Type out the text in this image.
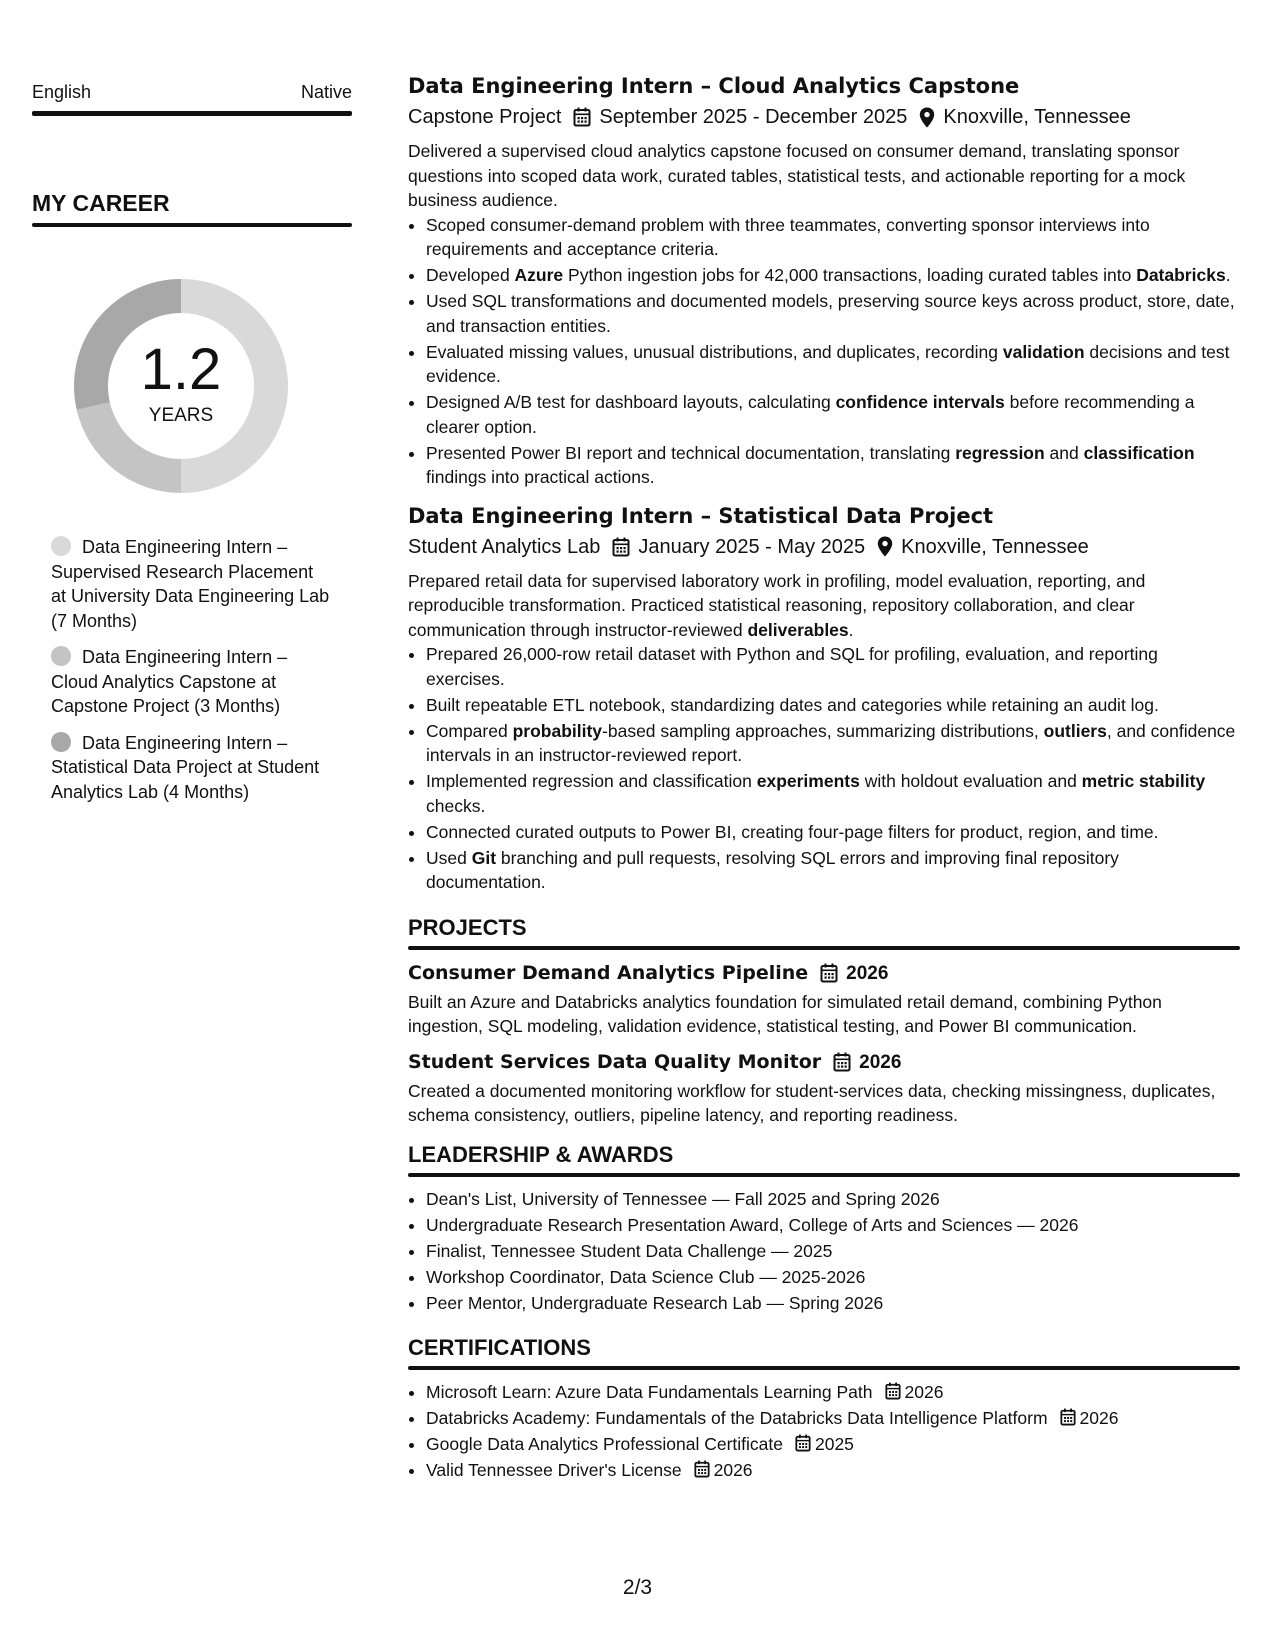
English	Native
MY CAREER
1.2
YEARS
Data Engineering Intern – Supervised Research Placement at University Data Engineering Lab (7 Months)
Data Engineering Intern – Cloud Analytics Capstone at Capstone Project (3 Months)
Data Engineering Intern – Statistical Data Project at Student Analytics Lab (4 Months)
Data Engineering Intern – Cloud Analytics Capstone
Capstone Project September 2025 - December 2025 Knoxville, Tennessee
Delivered a supervised cloud analytics capstone focused on consumer demand, translating sponsor questions into scoped data work, curated tables, statistical tests, and actionable reporting for a mock business audience.
• Scoped consumer-demand problem with three teammates, converting sponsor interviews into requirements and acceptance criteria.
• Developed Azure Python ingestion jobs for 42,000 transactions, loading curated tables into Databricks.
• Used SQL transformations and documented models, preserving source keys across product, store, date, and transaction entities.
• Evaluated missing values, unusual distributions, and duplicates, recording validation decisions and test evidence.
• Designed A/B test for dashboard layouts, calculating confidence intervals before recommending a clearer option.
• Presented Power BI report and technical documentation, translating regression and classification findings into practical actions.
Data Engineering Intern – Statistical Data Project
Student Analytics Lab January 2025 - May 2025 Knoxville, Tennessee
Prepared retail data for supervised laboratory work in profiling, model evaluation, reporting, and reproducible transformation. Practiced statistical reasoning, repository collaboration, and clear communication through instructor-reviewed deliverables.
• Prepared 26,000-row retail dataset with Python and SQL for profiling, evaluation, and reporting exercises.
• Built repeatable ETL notebook, standardizing dates and categories while retaining an audit log.
• Compared probability-based sampling approaches, summarizing distributions, outliers, and confidence intervals in an instructor-reviewed report.
• Implemented regression and classification experiments with holdout evaluation and metric stability checks.
• Connected curated outputs to Power BI, creating four-page filters for product, region, and time.
• Used Git branching and pull requests, resolving SQL errors and improving final repository documentation.
PROJECTS
Consumer Demand Analytics Pipeline 2026
Built an Azure and Databricks analytics foundation for simulated retail demand, combining Python ingestion, SQL modeling, validation evidence, statistical testing, and Power BI communication.
Student Services Data Quality Monitor 2026
Created a documented monitoring workflow for student-services data, checking missingness, duplicates, schema consistency, outliers, pipeline latency, and reporting readiness.
LEADERSHIP & AWARDS
• Dean's List, University of Tennessee — Fall 2025 and Spring 2026
• Undergraduate Research Presentation Award, College of Arts and Sciences — 2026
• Finalist, Tennessee Student Data Challenge — 2025
• Workshop Coordinator, Data Science Club — 2025-2026
• Peer Mentor, Undergraduate Research Lab — Spring 2026
CERTIFICATIONS
• Microsoft Learn: Azure Data Fundamentals Learning Path 2026
• Databricks Academy: Fundamentals of the Databricks Data Intelligence Platform 2026
• Google Data Analytics Professional Certificate 2025
• Valid Tennessee Driver's License 2026
2/3
